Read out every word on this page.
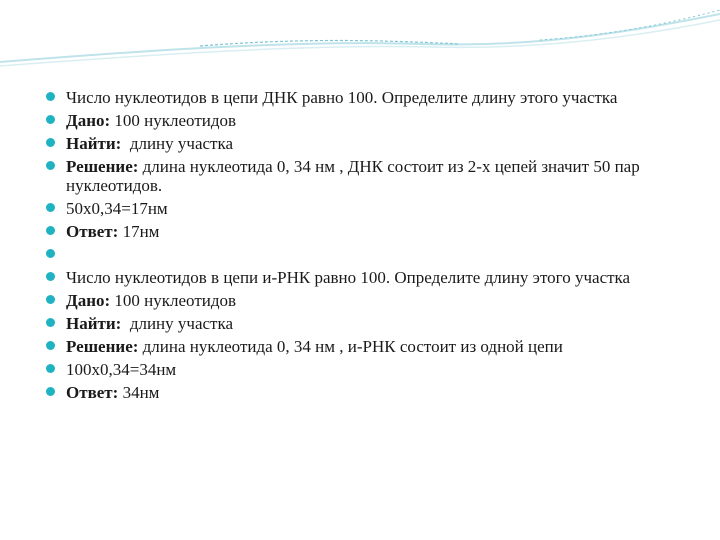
Число нуклеотидов в цепи ДНК равно 100. Определите длину этого участка
Дано: 100 нуклеотидов
Найти:  длину участка
Решение: длина нуклеотида 0, 34 нм , ДНК состоит из 2-х цепей значит 50 пар нуклеотидов.
50х0,34=17нм
Ответ: 17нм
Число нуклеотидов в цепи и-РНК равно 100. Определите длину этого участка
Дано: 100 нуклеотидов
Найти:  длину участка
Решение: длина нуклеотида 0, 34 нм , и-РНК состоит из одной цепи
100х0,34=34нм
Ответ: 34нм
